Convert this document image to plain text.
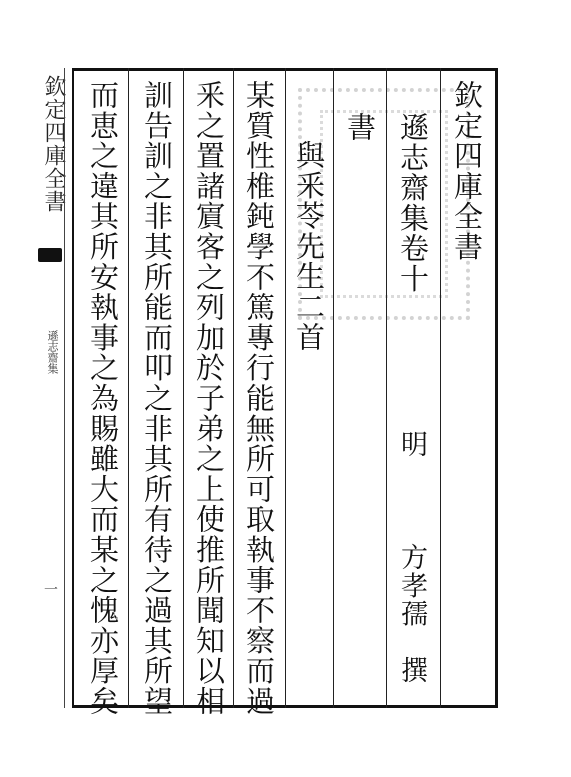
欽定四庫全書
遜志齋集
一
欽定四庫全書
遜志齋集卷十
明　　　方孝孺　撰
書
與釆苓先生二首
某質性椎鈍學不篤專行能無所可取執事不察而過
釆之置諸賔客之列加於子弟之上使推所聞知以相
訓告訓之非其所能而叩之非其所有待之過其所望
而恵之違其所安執事之為賜雖大而某之愧亦厚矣
